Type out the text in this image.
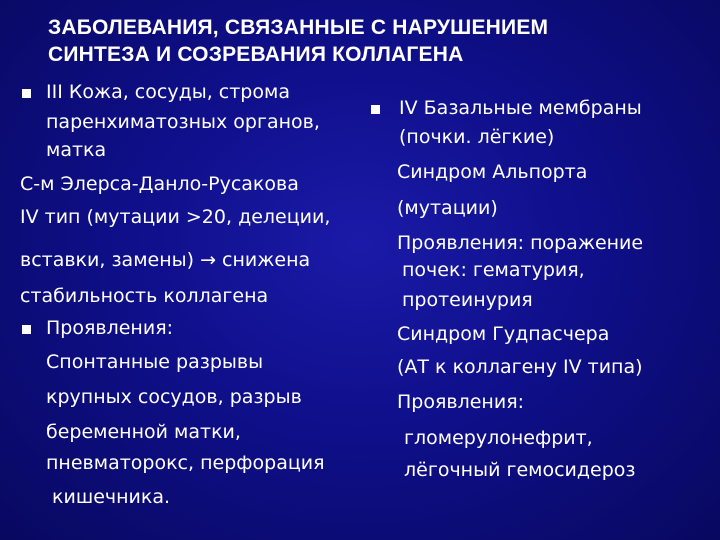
ЗАБОЛЕВАНИЯ, СВЯЗАННЫЕ С НАРУШЕНИЕМ
СИНТЕЗА И СОЗРЕВАНИЯ КОЛЛАГЕНА
III Кожа, сосуды, строма
паренхиматозных органов,
матка
С-м Элерса-Данло-Русакова
IV тип (мутации >20, делеции,
вставки, замены) → снижена
стабильность коллагена
Проявления:
Спонтанные разрывы
крупных сосудов, разрыв
беременной матки,
пневматорокс, перфорация
кишечника.
IV Базальные мембраны
(почки. лёгкие)
Синдром Альпорта
(мутации)
Проявления: поражение
почек: гематурия,
протеинурия
Синдром Гудпасчера
(АТ к коллагену IV типа)
Проявления:
гломерулонефрит,
лёгочный гемосидероз
